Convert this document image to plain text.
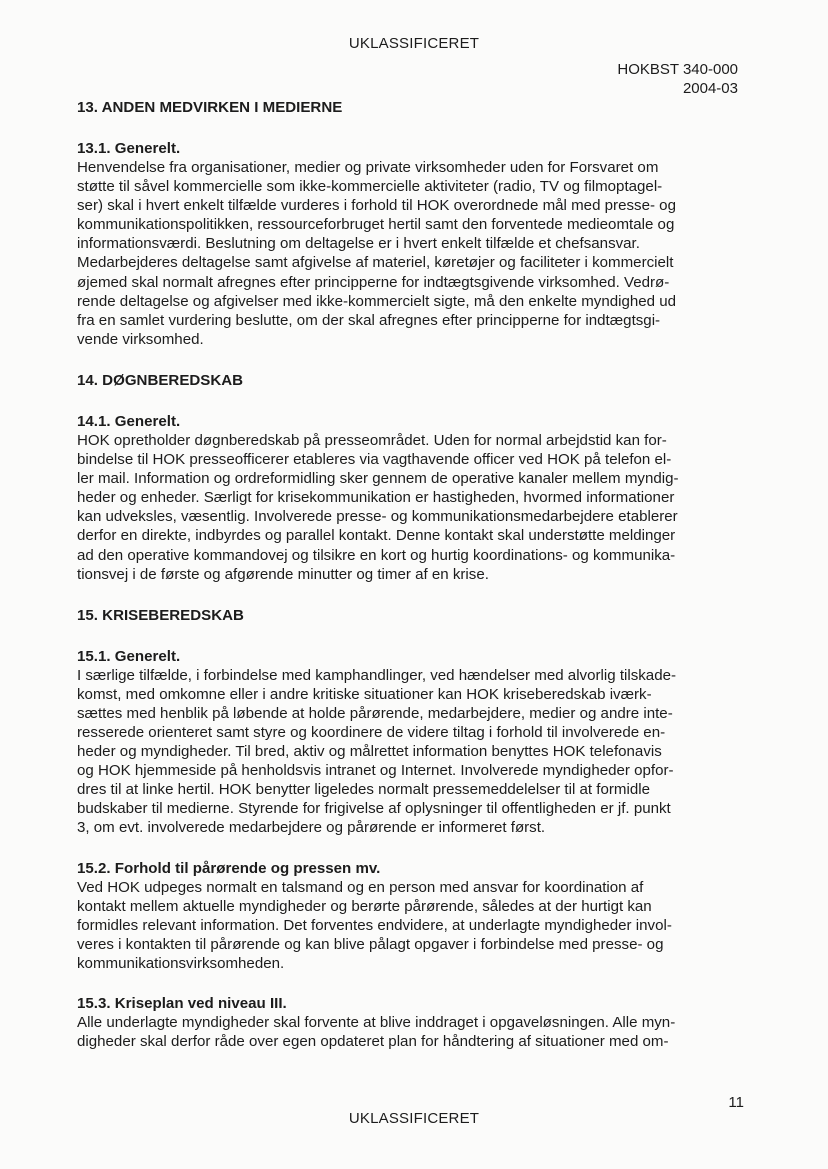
UKLASSIFICERET
HOKBST 340-000
2004-03
13. ANDEN MEDVIRKEN I MEDIERNE
13.1. Generelt.

Henvendelse fra organisationer, medier og private virksomheder uden for Forsvaret om

støtte til såvel kommercielle som ikke-kommercielle aktiviteter (radio, TV og filmoptagel-

ser) skal i hvert enkelt tilfælde vurderes i forhold til HOK overordnede mål med presse- og

kommunikationspolitikken, ressourceforbruget hertil samt den forventede medieomtale og

informationsværdi. Beslutning om deltagelse er i hvert enkelt tilfælde et chefsansvar.

Medarbejderes deltagelse samt afgivelse af materiel, køretøjer og faciliteter i kommercielt

øjemed skal normalt afregnes efter principperne for indtægtsgivende virksomhed. Vedrø-

rende deltagelse og afgivelser med ikke-kommercielt sigte, må den enkelte myndighed ud

fra en samlet vurdering beslutte, om der skal afregnes efter principperne for indtægtsgi-

vende virksomhed.

14. DØGNBEREDSKAB
14.1. Generelt.

HOK opretholder døgnberedskab på presseområdet. Uden for normal arbejdstid kan for-

bindelse til HOK presseofficerer etableres via vagthavende officer ved HOK på telefon el-

ler mail. Information og ordreformidling sker gennem de operative kanaler mellem myndig-

heder og enheder. Særligt for krisekommunikation er hastigheden, hvormed informationer

kan udveksles, væsentlig. Involverede presse- og kommunikationsmedarbejdere etablerer

derfor en direkte, indbyrdes og parallel kontakt. Denne kontakt skal understøtte meldinger

ad den operative kommandovej og tilsikre en kort og hurtig koordinations- og kommunika-

tionsvej i de første og afgørende minutter og timer af en krise.

15. KRISEBEREDSKAB
15.1. Generelt.

I særlige tilfælde, i forbindelse med kamphandlinger, ved hændelser med alvorlig tilskade-

komst, med omkomne eller i andre kritiske situationer kan HOK kriseberedskab iværk-

sættes med henblik på løbende at holde pårørende, medarbejdere, medier og andre inte-

resserede orienteret samt styre og koordinere de videre tiltag i forhold til involverede en-

heder og myndigheder. Til bred, aktiv og målrettet information benyttes HOK telefonavis

og HOK hjemmeside på henholdsvis intranet og Internet. Involverede myndigheder opfor-

dres til at linke hertil. HOK benytter ligeledes normalt pressemeddelelser til at formidle

budskaber til medierne. Styrende for frigivelse af oplysninger til offentligheden er jf. punkt

3, om evt. involverede medarbejdere og pårørende er informeret først.

15.2. Forhold til pårørende og pressen mv.

Ved HOK udpeges normalt en talsmand og en person med ansvar for koordination af

kontakt mellem aktuelle myndigheder og berørte pårørende, således at der hurtigt kan

formidles relevant information. Det forventes endvidere, at underlagte myndigheder invol-

veres i kontakten til pårørende og kan blive pålagt opgaver i forbindelse med presse- og

kommunikationsvirksomheden.

15.3. Kriseplan ved niveau III.

Alle underlagte myndigheder skal forvente at blive inddraget i opgaveløsningen. Alle myn-

digheder skal derfor råde over egen opdateret plan for håndtering af situationer med om-

11
UKLASSIFICERET
